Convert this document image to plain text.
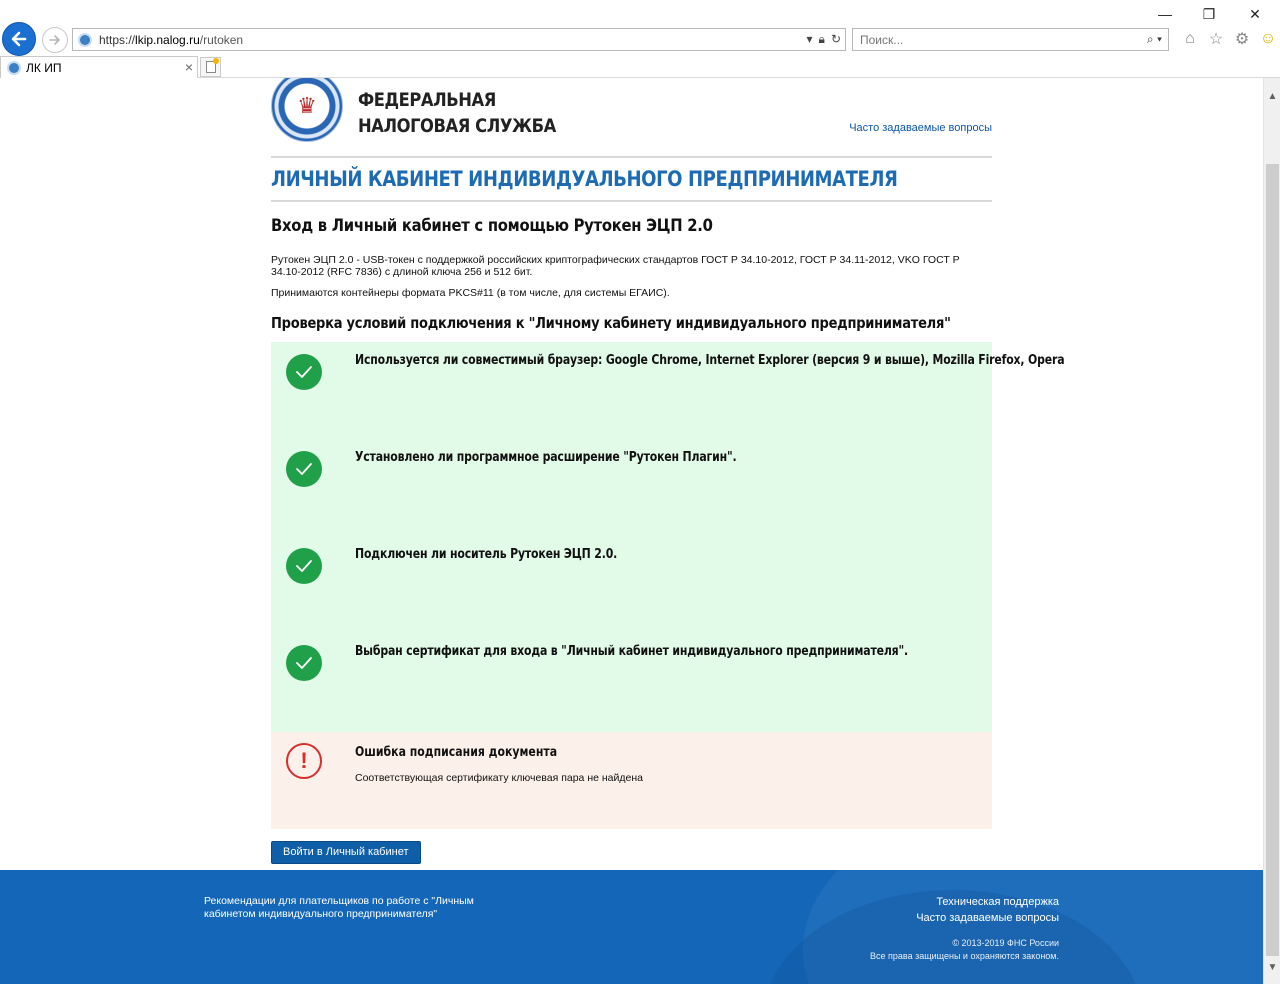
https://lkip.nalog.ru/rutoken	▾ 🔒︎ ↻
Поиск...	⌕ ▾	⌂ ☆ ⚙ ☺
— ❐ ✕
ЛК ИП	×
♛	ФЕДЕРАЛЬНАЯ
НАЛОГОВАЯ СЛУЖБА	Часто задаваемые вопросы
ЛИЧНЫЙ КАБИНЕТ ИНДИВИДУАЛЬНОГО ПРЕДПРИНИМАТЕЛЯ
Вход в Личный кабинет с помощью Рутокен ЭЦП 2.0

Рутокен ЭЦП 2.0 - USB-токен с поддержкой российских криптографических стандартов ГОСТ Р 34.10-2012, ГОСТ Р 34.11-2012, VKO ГОСТ Р 34.10-2012 (RFC 7836) с длиной ключа 256 и 512 бит.

Принимаются контейнеры формата PKCS#11 (в том числе, для системы ЕГАИС).

Проверка условий подключения к "Личному кабинету индивидуального предпринимателя"
Используется ли совместимый браузер: Google Chrome, Internet Explorer (версия 9 и выше), Mozilla Firefox, Opera
Установлено ли программное расширение "Рутокен Плагин".
Подключен ли носитель Рутокен ЭЦП 2.0.
Выбран сертификат для входа в "Личный кабинет индивидуального предпринимателя".
!	Ошибка подписания документа
Соответствующая сертификату ключевая пара не найдена
Войти в Личный кабинет
Рекомендации для плательщиков по работе с "Личным кабинетом индивидуального предпринимателя"
Техническая поддержка
Часто задаваемые вопросы
© 2013-2019 ФНС России
Все права защищены и охраняются законом.
▲
▼
